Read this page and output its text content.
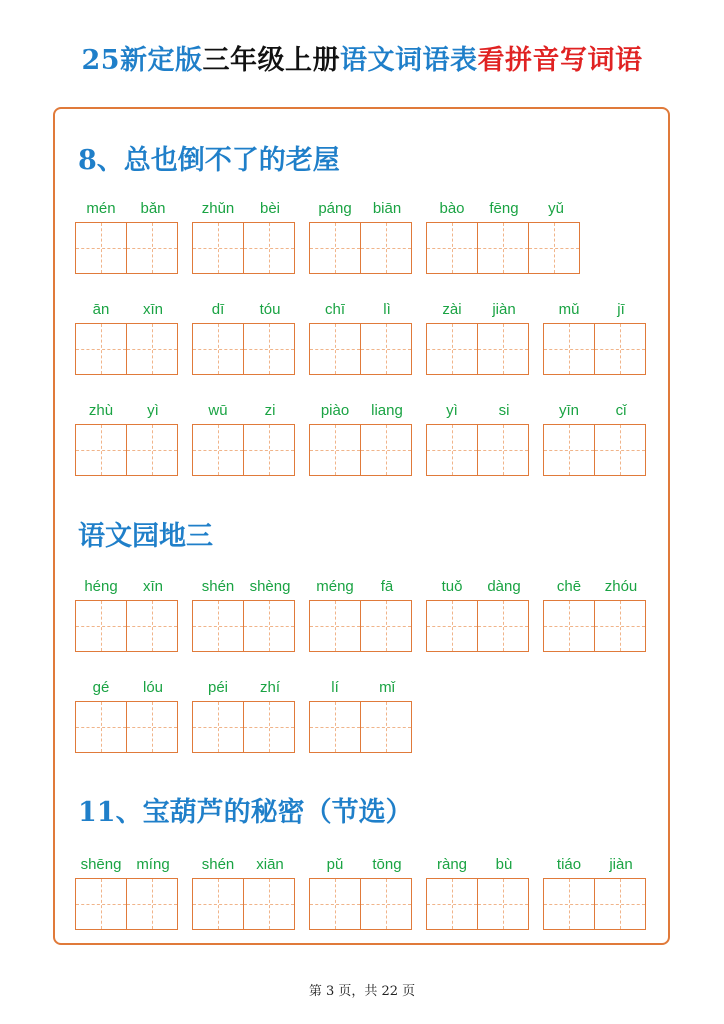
25新定版三年级上册语文词语表看拼音写词语
8、总也倒不了的老屋
mén	bǎn	zhǔn	bèi	páng	biān	bào	fēng	yǔ
ān	xīn	dī	tóu	chī	lì	zài	jiàn	mǔ	jī
zhù	yì	wū	zi	piào	liang	yì	si	yīn	cǐ
语文园地三
héng	xīn	shén	shèng	méng	fā	tuǒ	dàng	chē	zhóu
gé	lóu	péi	zhí	lí	mǐ
11、宝葫芦的秘密（节选）
shēng míng	shén	xiān	pǔ	tōng	ràng	bù	tiáo	jiàn
第 3 页，共 22 页
